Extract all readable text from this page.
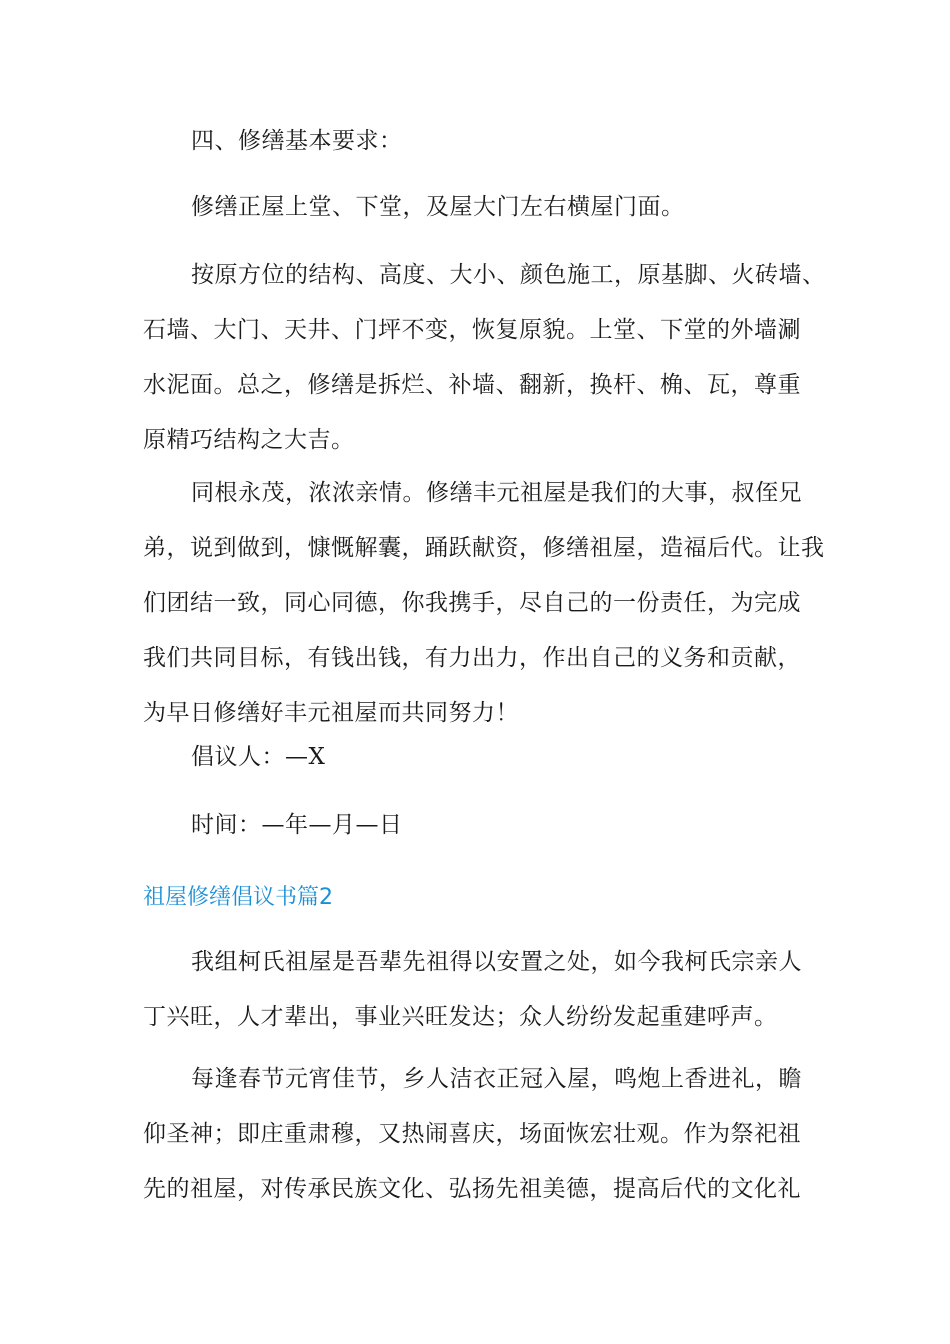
四、修缮基本要求：

修缮正屋上堂、下堂，及屋大门左右横屋门面。

按原方位的结构、高度、大小、颜色施工，原基脚、火砖墙、
石墙、大门、天井、门坪不变，恢复原貌。上堂、下堂的外墙涮
水泥面。总之，修缮是拆烂、补墙、翻新，换杆、桷、瓦，尊重
原精巧结构之大吉。

同根永茂，浓浓亲情。修缮丰元祖屋是我们的大事，叔侄兄
弟，说到做到，慷慨解囊，踊跃献资，修缮祖屋，造福后代。让我
们团结一致，同心同德，你我携手，尽自己的一份责任，为完成
我们共同目标，有钱出钱，有力出力，作出自己的义务和贡献，
为早日修缮好丰元祖屋而共同努力！

倡议人：—X

时间：—年—月—日

祖屋修缮倡议书篇2

我组柯氏祖屋是吾辈先祖得以安置之处，如今我柯氏宗亲人
丁兴旺，人才辈出，事业兴旺发达；众人纷纷发起重建呼声。

每逢春节元宵佳节，乡人洁衣正冠入屋，鸣炮上香进礼，瞻
仰圣神；即庄重肃穆，又热闹喜庆，场面恢宏壮观。作为祭祀祖
先的祖屋，对传承民族文化、弘扬先祖美德，提高后代的文化礼
